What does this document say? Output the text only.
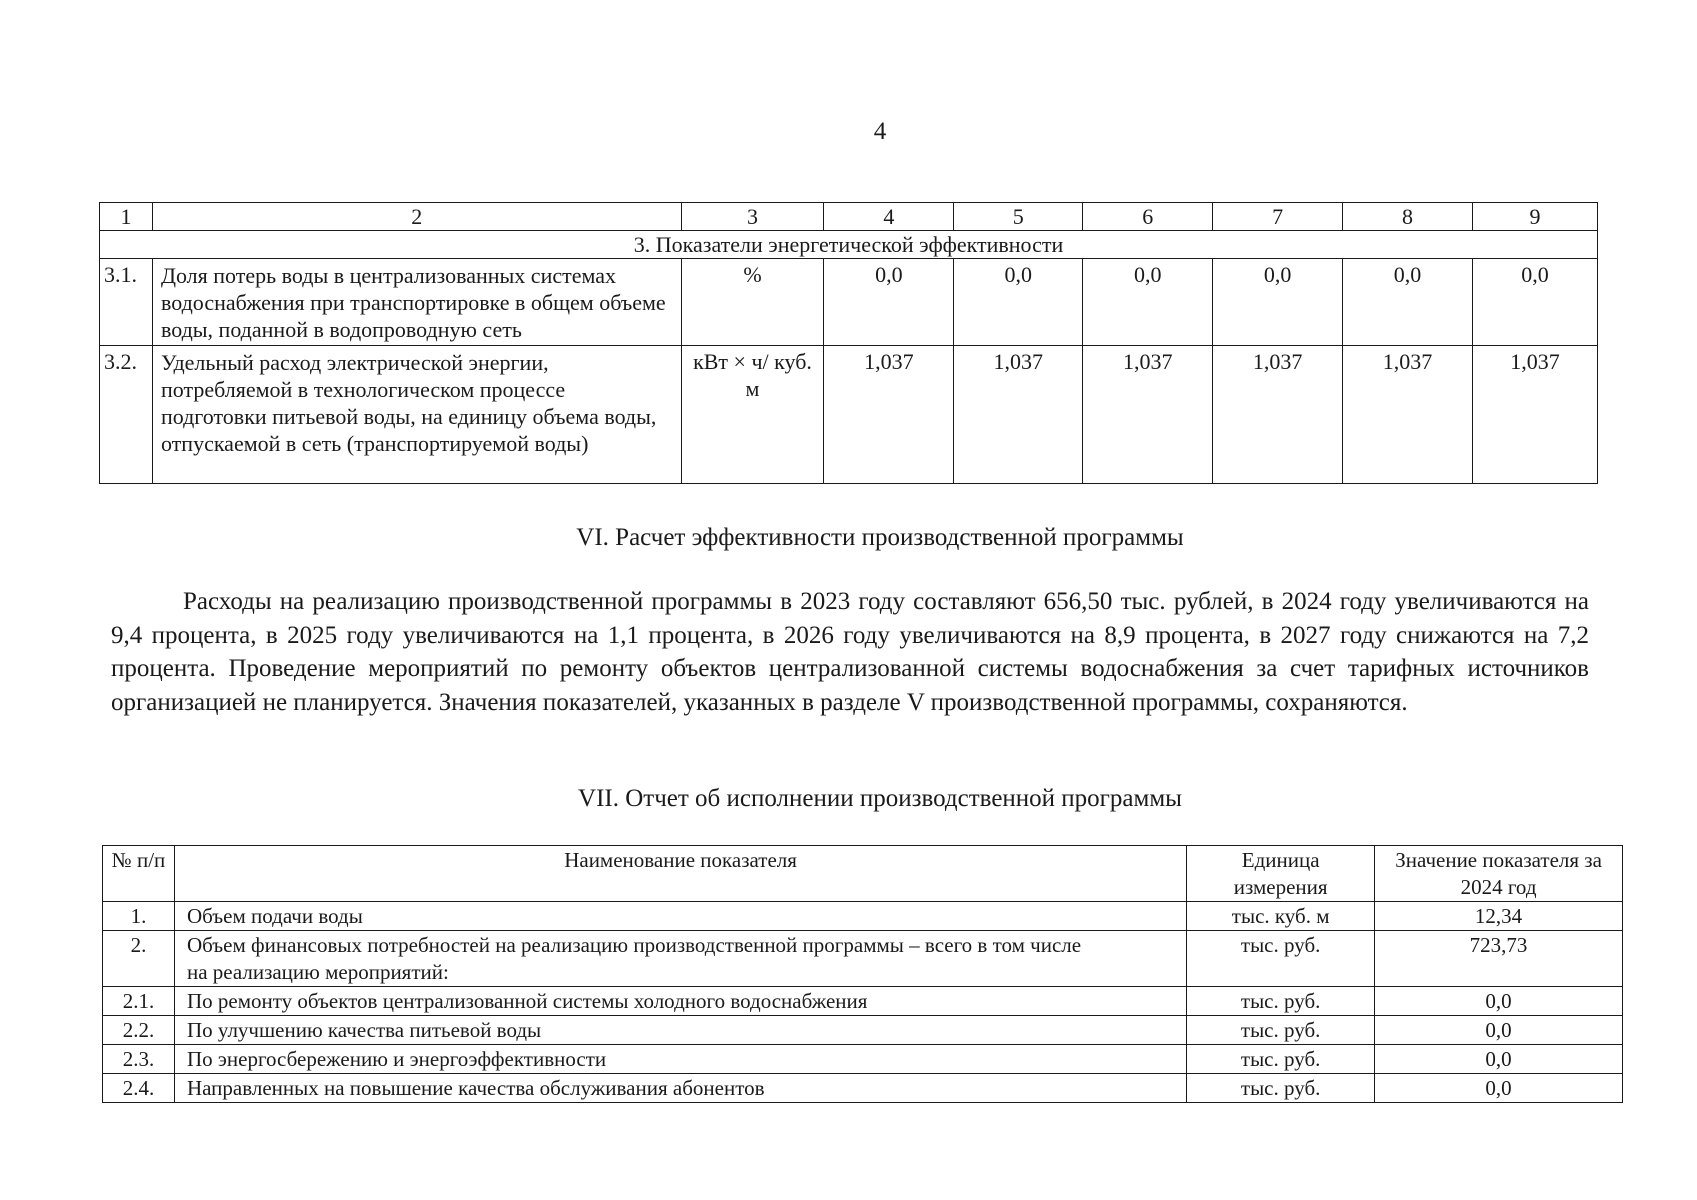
4
1	2	3	4	5	6	7	8	9
3. Показатели энергетической эффективности								
3.1.	Доля потерь воды в централизованных системах водоснабжения при транспортировке в общем объеме воды, поданной в водопроводную сеть	%	0,0	0,0	0,0	0,0	0,0	0,0
3.2.	Удельный расход электрической энергии, потребляемой в технологическом процессе подготовки питьевой воды, на единицу объема воды, отпускаемой в сеть (транспортируемой воды)	кВт × ч/ куб. м	1,037	1,037	1,037	1,037	1,037	1,037
VI. Расчет эффективности производственной программы
Расходы на реализацию производственной программы в 2023 году составляют 656,50 тыс. рублей, в 2024 году увеличиваются на 9,4 процента, в 2025 году увеличиваются на 1,1 процента, в 2026 году увеличиваются на 8,9 процента, в 2027 году снижаются на 7,2 процента. Проведение мероприятий по ремонту объектов централизованной системы водоснабжения за счет тарифных источников организацией не планируется. Значения показателей, указанных в разделе V производственной программы, сохраняются.
VII. Отчет об исполнении производственной программы
№ п/п	Наименование показателя	Единица измерения	Значение показателя за 2024 год
1.	Объем подачи воды	тыс. куб. м	12,34
2.	Объем финансовых потребностей на реализацию производственной программы – всего в том числе на реализацию мероприятий:	тыс. руб.	723,73
2.1.	По ремонту объектов централизованной системы холодного водоснабжения	тыс. руб.	0,0
2.2.	По улучшению качества питьевой воды	тыс. руб.	0,0
2.3.	По энергосбережению и энергоэффективности	тыс. руб.	0,0
2.4.	Направленных на повышение качества обслуживания абонентов	тыс. руб.	0,0
